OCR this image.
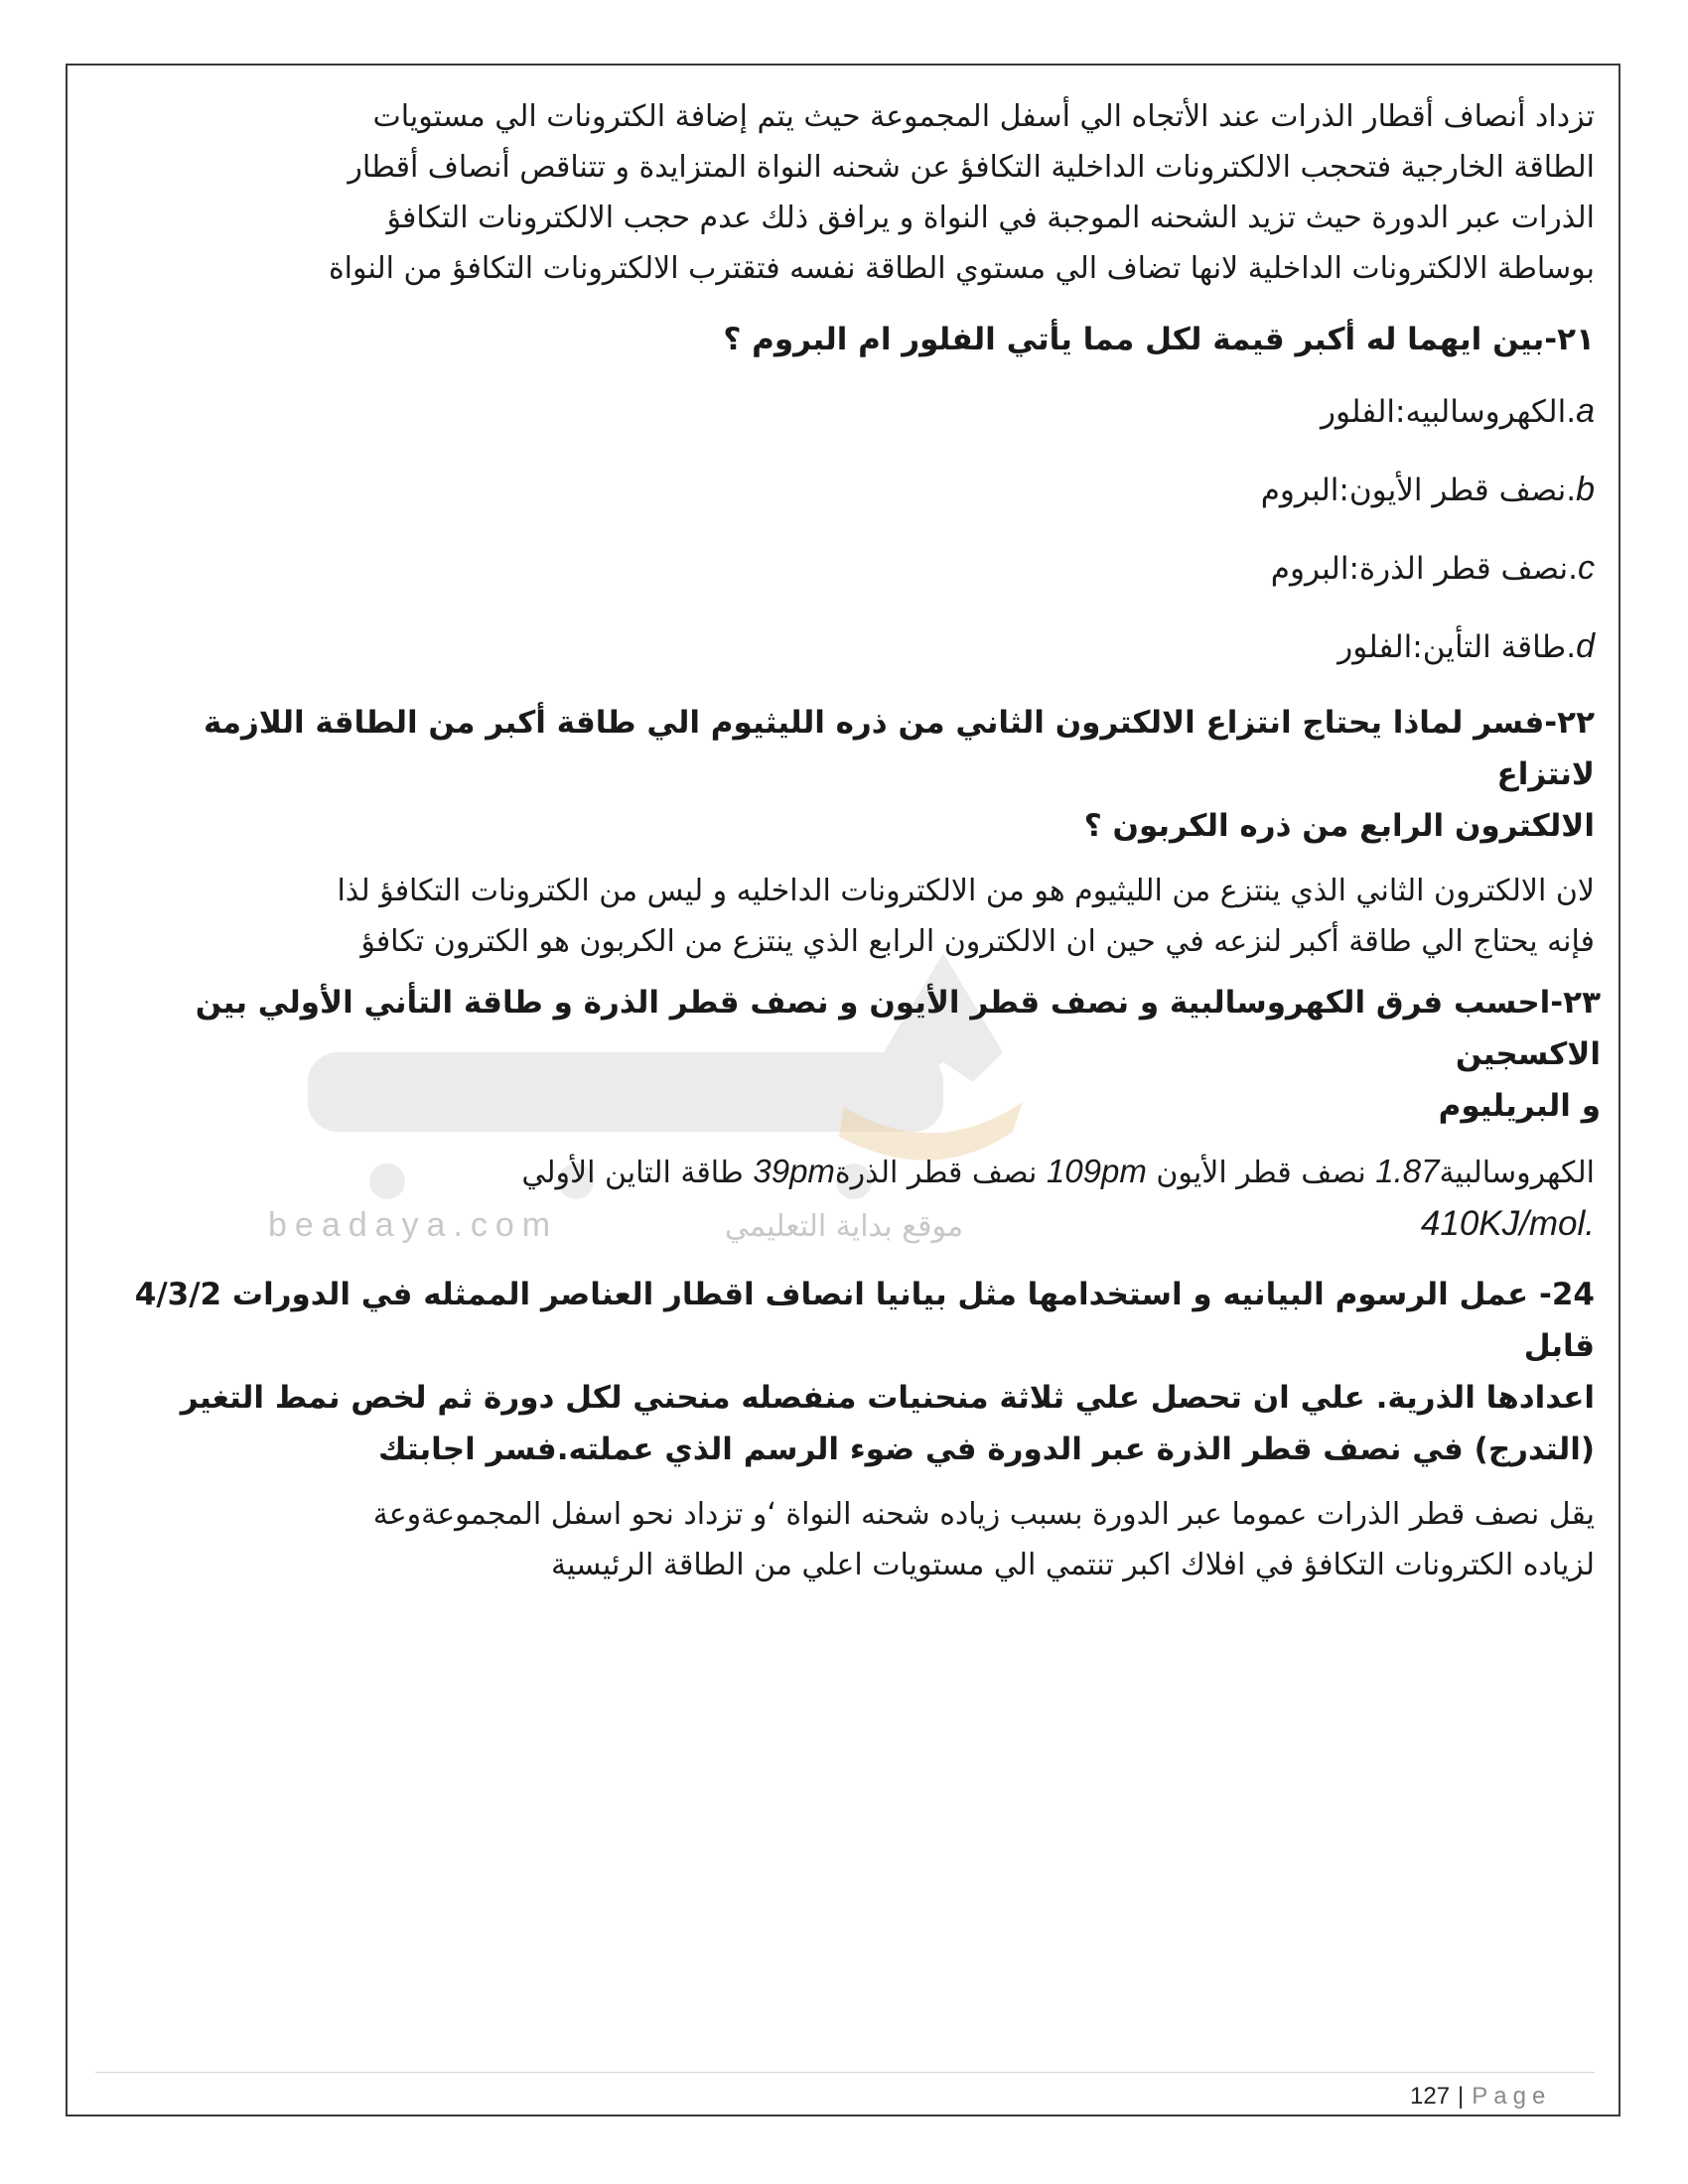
beadaya.com	موقع بداية التعليمي
تزداد أنصاف أقطار الذرات عند الأتجاه الي أسفل المجموعة حيث يتم إضافة الكترونات الي مستويات
الطاقة الخارجية فتحجب الالكترونات الداخلية التكافؤ عن شحنه النواة المتزايدة و تتناقص أنصاف أقطار
الذرات عبر الدورة حيث تزيد الشحنه الموجبة في النواة و يرافق ذلك عدم حجب الالكترونات التكافؤ
بوساطة الالكترونات الداخلية لانها تضاف الي مستوي الطاقة نفسه فتقترب الالكترونات التكافؤ من النواة
٢١-بين ايهما له أكبر قيمة لكل مما يأتي الفلور ام البروم ؟
a.الكهروسالبيه:الفلور
b.نصف قطر الأيون:البروم
c.نصف قطر الذرة:البروم
d.طاقة التأين:الفلور
٢٢-فسر لماذا يحتاج انتزاع الالكترون الثاني من ذره الليثيوم الي طاقة أكبر من الطاقة اللازمة لانتزاع
الالكترون الرابع من ذره الكربون ؟
لان الالكترون الثاني الذي ينتزع من الليثيوم هو من الالكترونات الداخليه و ليس من الكترونات التكافؤ لذا
فإنه يحتاج الي طاقة أكبر لنزعه في حين ان الالكترون الرابع الذي ينتزع من الكربون هو الكترون تكافؤ
٢٣-احسب فرق الكهروسالبية و نصف قطر الأيون و نصف قطر الذرة و طاقة التأني الأولي بين الاكسجين
و البريليوم
الكهروسالبية1.87 نصف قطر الأيون 109pm نصف قطر الذرة39pm طاقة التاين الأولي
.410KJ/mol
24- عمل الرسوم البيانيه و استخدامها مثل بيانيا انصاف اقطار العناصر الممثله في الدورات 4/3/2 قابل
اعدادها الذرية. علي ان تحصل علي ثلاثة منحنيات منفصله منحني لكل دورة ثم لخص نمط التغير
(التدرج) في نصف قطر الذرة عبر الدورة في ضوء الرسم الذي عملته.فسر اجابتك
يقل نصف قطر الذرات عموما عبر الدورة بسبب زياده شحنه النواة ‘و تزداد نحو اسفل المجموعةوعة
لزياده الكترونات التكافؤ في افلاك اكبر تنتمي الي مستويات اعلي من الطاقة الرئيسية
127 | Page
